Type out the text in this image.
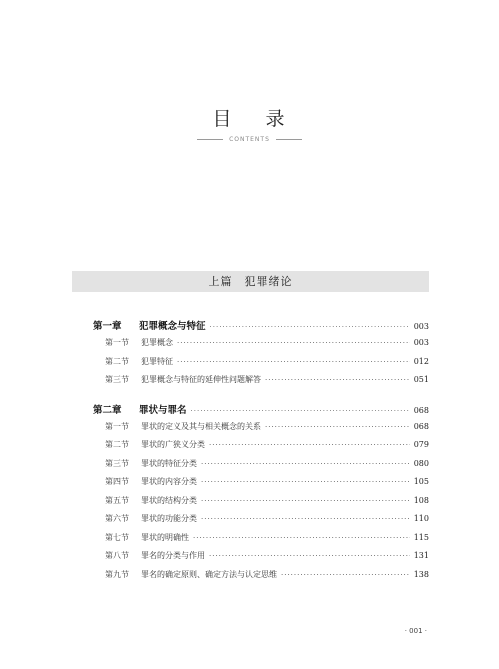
目 录
CONTENTS
上篇　犯罪绪论
第一章	犯罪概念与特征 ·····	003
第一节	犯罪概念 ·····	003
第二节	犯罪特征 ·····	012
第三节	犯罪概念与特征的延伸性问题解答 ·····	051
第二章	罪状与罪名 ·····	068
第一节	罪状的定义及其与相关概念的关系 ·····	068
第二节	罪状的广狭义分类 ·····	079
第三节	罪状的特征分类 ·····	080
第四节	罪状的内容分类 ·····	105
第五节	罪状的结构分类 ·····	108
第六节	罪状的功能分类 ·····	110
第七节	罪状的明确性 ·····	115
第八节	罪名的分类与作用 ·····	131
第九节	罪名的确定原则、确定方法与认定思维 ·····	138
· 001 ·
